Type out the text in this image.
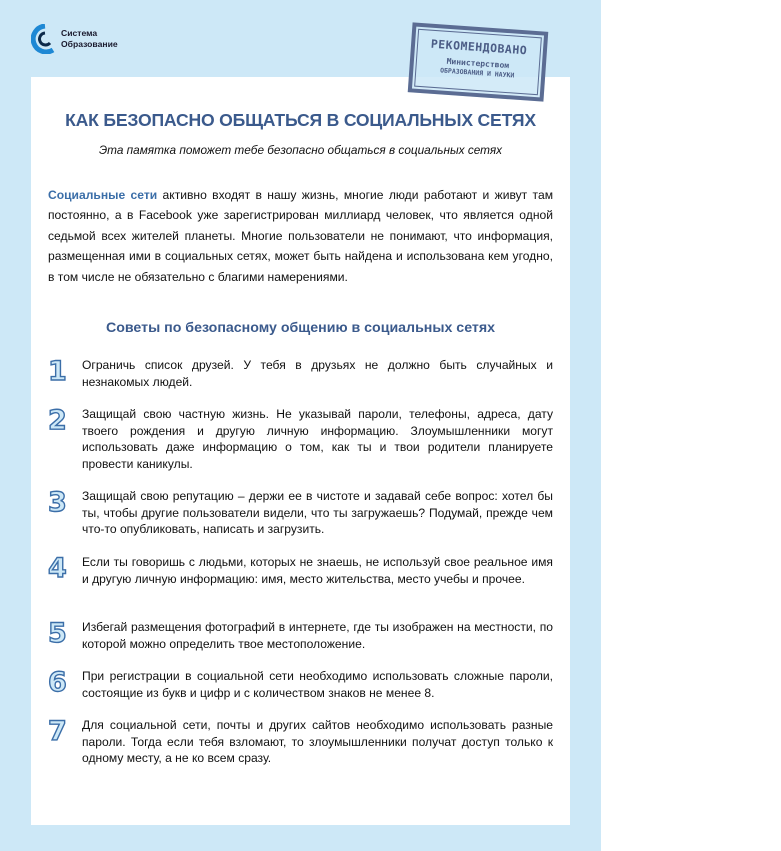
Система
Образование	РЕКОМЕНДОВАНО
Министерством
ОБРАЗОВАНИЯ И НАУКИ
КАК БЕЗОПАСНО ОБЩАТЬСЯ В СОЦИАЛЬНЫХ СЕТЯХ
Эта памятка поможет тебе безопасно общаться в социальных сетях
Социальные сети активно входят в нашу жизнь, многие люди работают и живут там постоянно, а в Facebook уже зарегистрирован миллиард человек, что является одной седьмой всех жителей планеты. Многие пользователи не понимают, что информация, размещенная ими в социальных сетях, может быть найдена и использована кем угодно, в том числе не обязательно с благими намерениями.
Советы по безопасному общению в социальных сетях
1	Ограничь список друзей. У тебя в друзьях не должно быть случайных и незнакомых людей.
2	Защищай свою частную жизнь. Не указывай пароли, телефоны, адреса, дату твоего рождения и другую личную информацию. Злоумышленники могут использовать даже информацию о том, как ты и твои родители планируете провести каникулы.
3	Защищай свою репутацию – держи ее в чистоте и задавай себе вопрос: хотел бы ты, чтобы другие пользователи видели, что ты загружаешь? Подумай, прежде чем что-то опубликовать, написать и загрузить.
4	Если ты говоришь с людьми, которых не знаешь, не используй свое реальное имя и другую личную информацию: имя, место жительства, место учебы и прочее.
5	Избегай размещения фотографий в интернете, где ты изображен на местности, по которой можно определить твое местоположение.
6	При регистрации в социальной сети необходимо использовать сложные пароли, состоящие из букв и цифр и с количеством знаков не менее 8.
7	Для социальной сети, почты и других сайтов необходимо использовать разные пароли. Тогда если тебя взломают, то злоумышленники получат доступ только к одному месту, а не ко всем сразу.
